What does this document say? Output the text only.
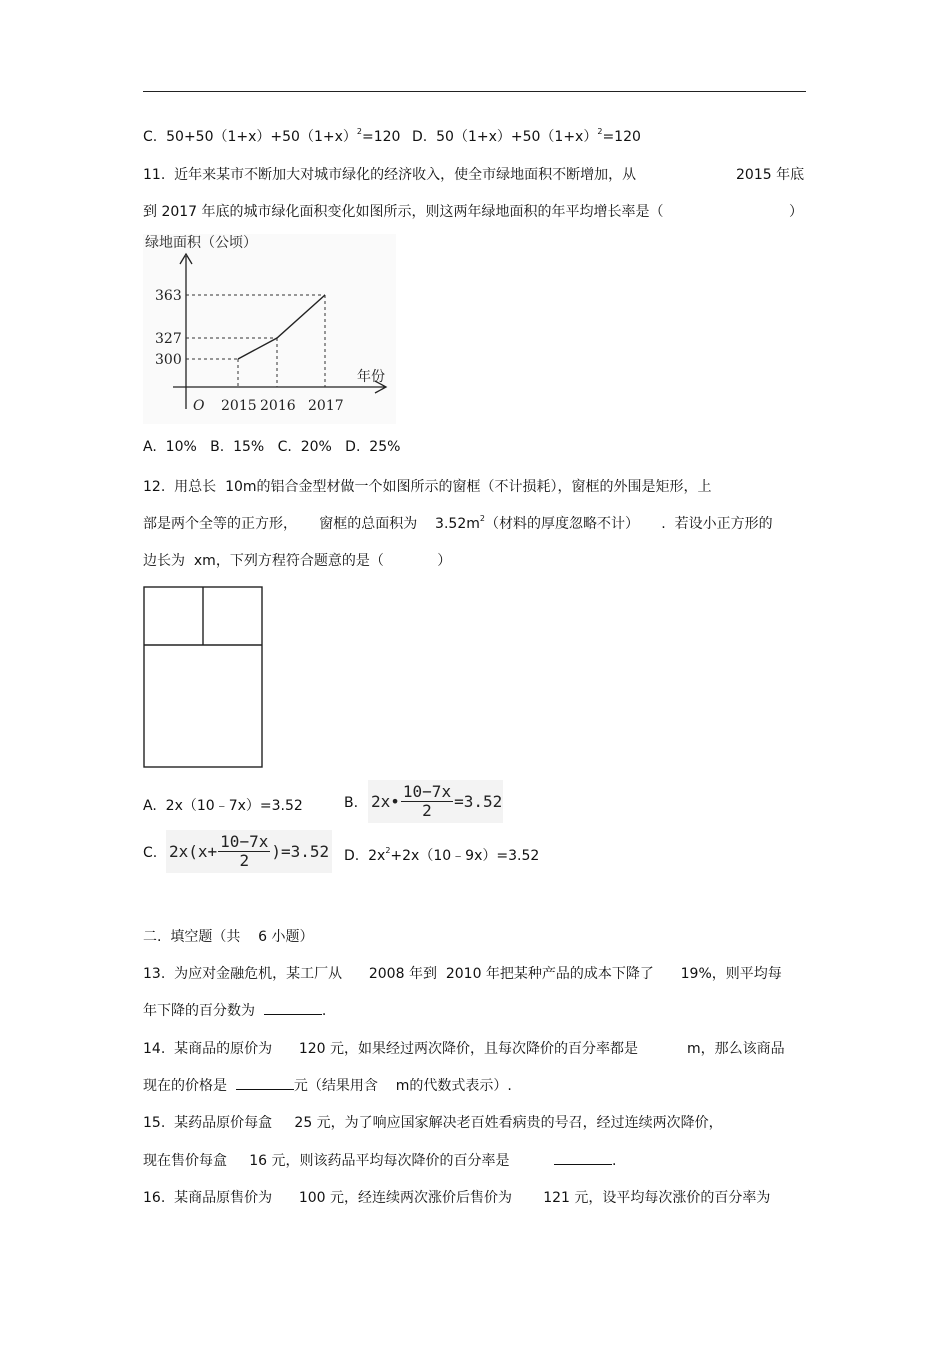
C.  $50+50(1+x)+50(1+x)^2=120$ D.  $50(1+x)+50(1+x)^2=120$
11.  近年来某市不断加大对城市绿化的经济收入，使全市绿地面积不断增加，从	2015 年底
到 2017 年底的城市绿化面积变化如图所示，则这两年绿地面积的年平均增长率是（	）
绿地面积（公顷）
年份
O
300
2015
327
2016
363
2017
A.  10%   B.  15%   C.  20%   D.  25%
12.  用总长  10m的铝合金型材做一个如图所示的窗框（不计损耗），窗框的外围是矩形，上
部是两个全等的正方形，     窗框的总面积为    $3.52m^2$（材料的厚度忽略不计）     .  若设小正方形的
边长为  xm，下列方程符合题意的是（            ）
A.  2x（10﹣7x）=3.52	B. 2x• $\frac{10-7x}{2} =3.52$
C. $2x(x+ \frac{10-7x}{2} )=3.52$ D.  $2x^2+2x(10﹣9x)=3.52$
二.  填空题（共    6 小题）
13.  为应对金融危机，某工厂从      2008 年到  2010 年把某种产品的成本下降了      19%，则平均每
年下降的百分数为	.
14.  某商品的原价为      120 元，如果经过两次降价，且每次降价的百分率都是           m，那么该商品
现在的价格是	元（结果用含    m的代数式表示）.
15.  某药品原价每盒     25 元，为了响应国家解决老百姓看病贵的号召，经过连续两次降价，
现在售价每盒     16 元，则该药品平均每次降价的百分率是	.
16.  某商品原售价为      100 元，经连续两次涨价后售价为       121 元，设平均每次涨价的百分率为
